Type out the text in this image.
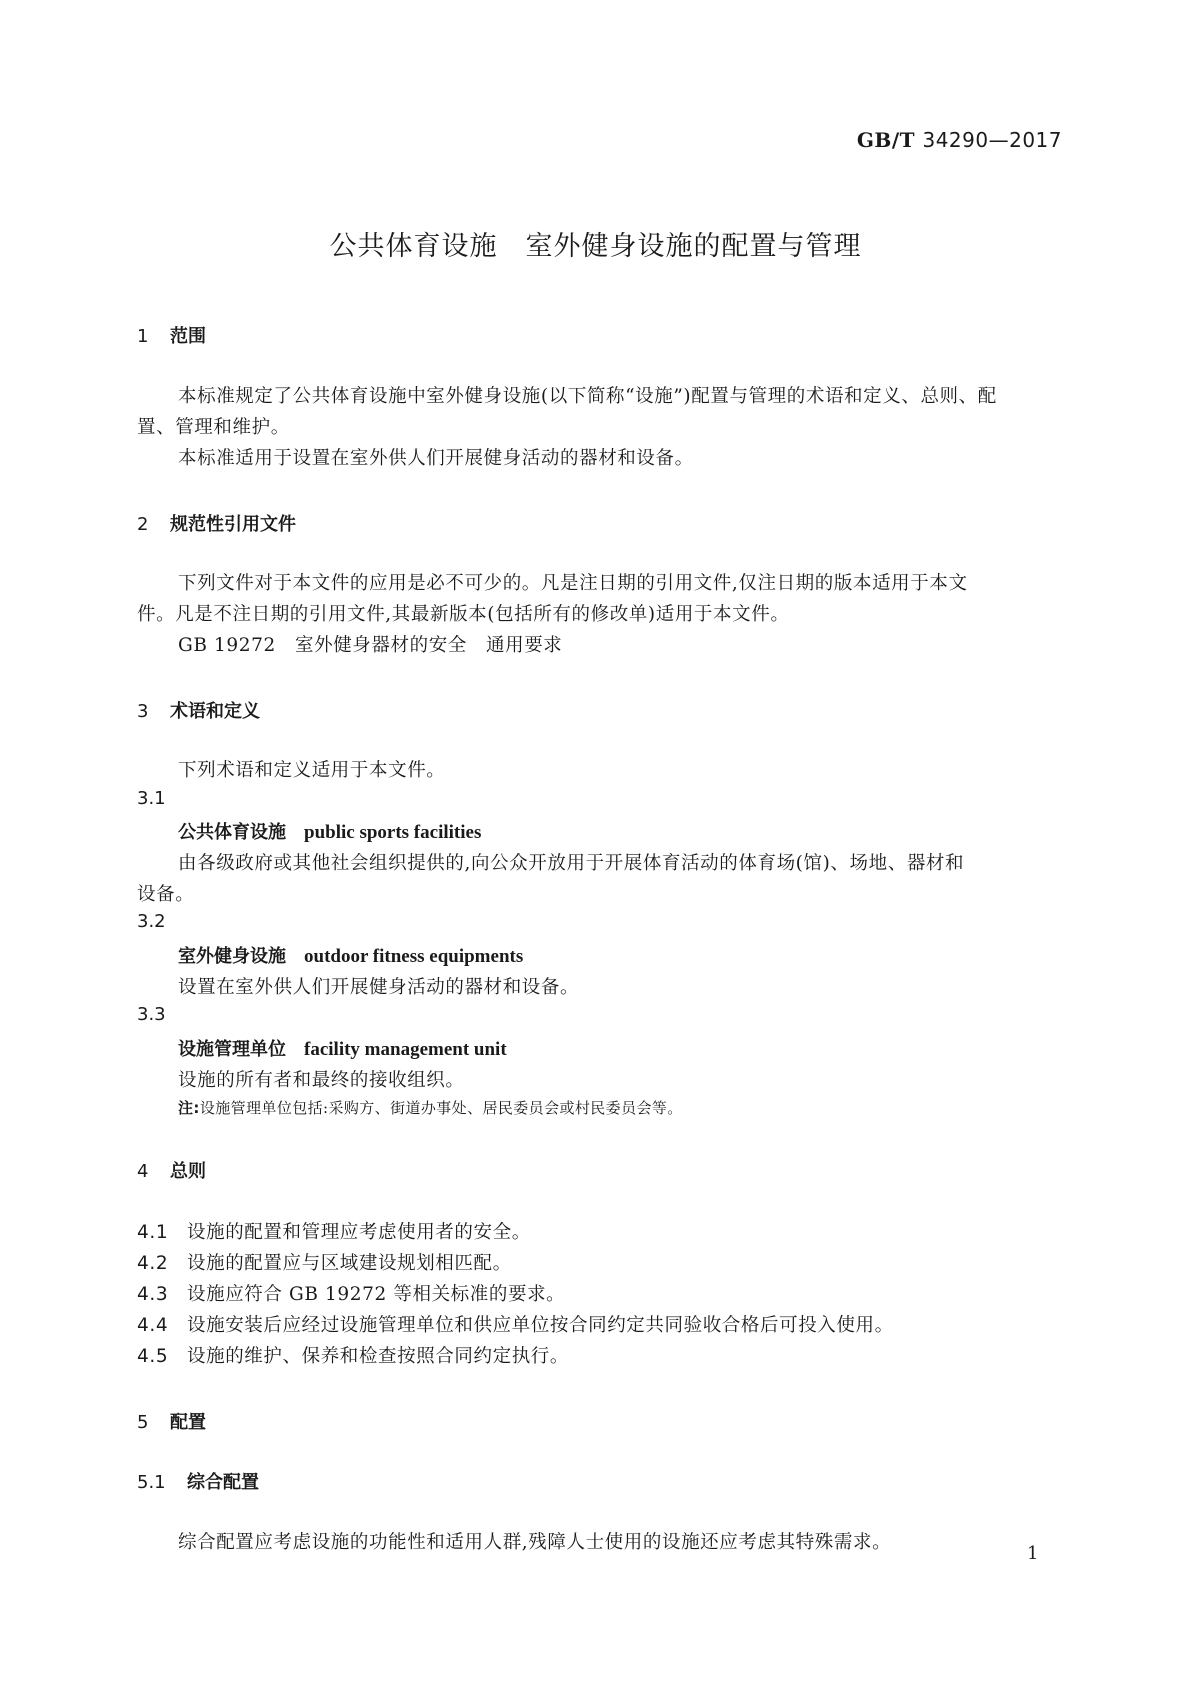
GB/T 34290—2017
公共体育设施　室外健身设施的配置与管理
1 范围
本标准规定了公共体育设施中室外健身设施(以下简称“设施”)配置与管理的术语和定义、总则、配
置、管理和维护。
本标准适用于设置在室外供人们开展健身活动的器材和设备。
2 规范性引用文件
下列文件对于本文件的应用是必不可少的。凡是注日期的引用文件,仅注日期的版本适用于本文
件。凡是不注日期的引用文件,其最新版本(包括所有的修改单)适用于本文件。
GB 19272　室外健身器材的安全　通用要求
3 术语和定义
下列术语和定义适用于本文件。
3.1
公共体育设施 public sports facilities
由各级政府或其他社会组织提供的,向公众开放用于开展体育活动的体育场(馆)、场地、器材和
设备。
3.2
室外健身设施 outdoor fitness equipments
设置在室外供人们开展健身活动的器材和设备。
3.3
设施管理单位 facility management unit
设施的所有者和最终的接收组织。
注:设施管理单位包括:采购方、街道办事处、居民委员会或村民委员会等。
4 总则
4.1 设施的配置和管理应考虑使用者的安全。
4.2 设施的配置应与区域建设规划相匹配。
4.3 设施应符合 GB 19272 等相关标准的要求。
4.4 设施安装后应经过设施管理单位和供应单位按合同约定共同验收合格后可投入使用。
4.5 设施的维护、保养和检查按照合同约定执行。
5 配置
5.1 综合配置
综合配置应考虑设施的功能性和适用人群,残障人士使用的设施还应考虑其特殊需求。
1
